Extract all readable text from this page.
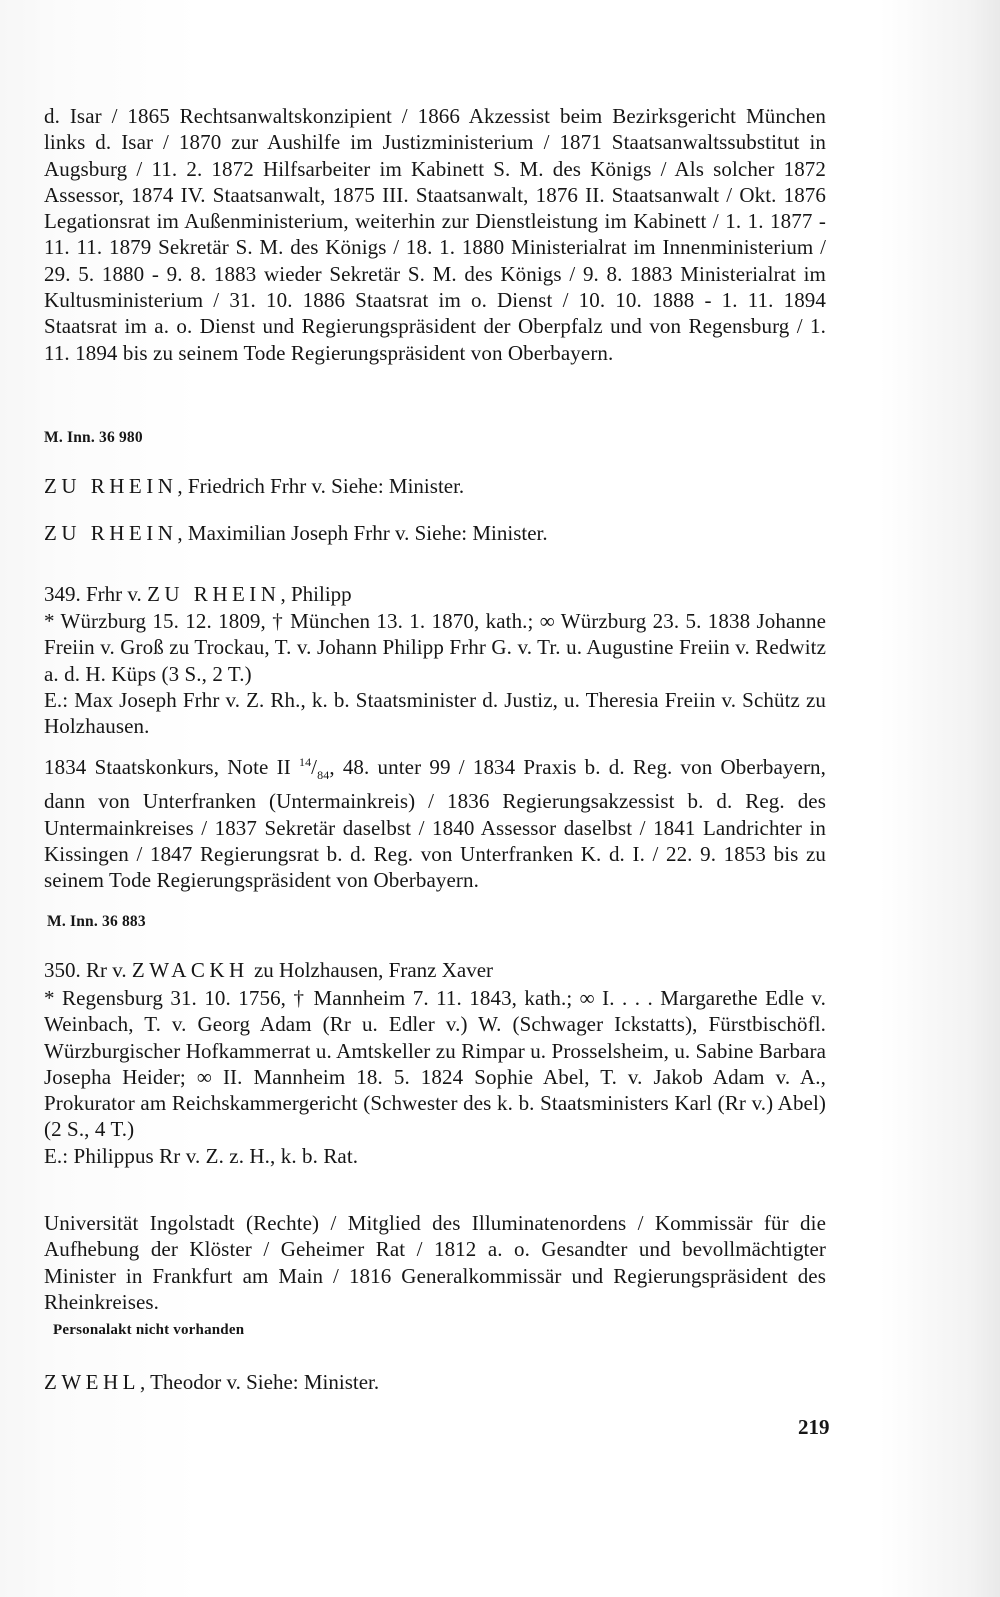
d. Isar / 1865 Rechtsanwaltskonzipient / 1866 Akzessist beim Bezirksgericht München links d. Isar / 1870 zur Aushilfe im Justizministerium / 1871 Staatsanwaltssubstitut in Augsburg / 11. 2. 1872 Hilfsarbeiter im Kabinett S. M. des Königs / Als solcher 1872 Assessor, 1874 IV. Staatsanwalt, 1875 III. Staatsanwalt, 1876 II. Staatsanwalt / Okt. 1876 Legationsrat im Außenministerium, weiterhin zur Dienstleistung im Kabinett / 1. 1. 1877 - 11. 11. 1879 Sekretär S. M. des Königs / 18. 1. 1880 Ministerialrat im Innenministerium / 29. 5. 1880 - 9. 8. 1883 wieder Sekretär S. M. des Königs / 9. 8. 1883 Ministerialrat im Kultusministerium / 31. 10. 1886 Staatsrat im o. Dienst / 10. 10. 1888 - 1. 11. 1894 Staatsrat im a. o. Dienst und Regierungspräsident der Oberpfalz und von Regensburg / 1. 11. 1894 bis zu seinem Tode Regierungspräsident von Oberbayern.

M. Inn. 36 980
ZU RHEIN, Friedrich Frhr v. Siehe: Minister.
ZU RHEIN, Maximilian Joseph Frhr v. Siehe: Minister.
349. Frhr v. ZU RHEIN, Philipp

* Würzburg 15. 12. 1809, † München 13. 1. 1870, kath.; ∞ Würzburg 23. 5. 1838 Johanne Freiin v. Groß zu Trockau, T. v. Johann Philipp Frhr G. v. Tr. u. Augustine Freiin v. Redwitz a. d. H. Küps (3 S., 2 T.)

E.: Max Joseph Frhr v. Z. Rh., k. b. Staatsminister d. Justiz, u. Theresia Freiin v. Schütz zu Holzhausen.

1834 Staatskonkurs, Note II $^{14}/_{84}$, 48. unter 99 / 1834 Praxis b. d. Reg. von Oberbayern, dann von Unterfranken (Untermainkreis) / 1836 Regierungsakzessist b. d. Reg. des Untermainkreises / 1837 Sekretär daselbst / 1840 Assessor daselbst / 1841 Landrichter in Kissingen / 1847 Regierungsrat b. d. Reg. von Unterfranken K. d. I. / 22. 9. 1853 bis zu seinem Tode Regierungspräsident von Oberbayern.

M. Inn. 36 883
350. Rr v. ZWACKH zu Holzhausen, Franz Xaver

* Regensburg 31. 10. 1756, † Mannheim 7. 11. 1843, kath.; ∞ I. . . . Margarethe Edle v. Weinbach, T. v. Georg Adam (Rr u. Edler v.) W. (Schwager Ickstatts), Fürstbischöfl. Würzburgischer Hofkammerrat u. Amtskeller zu Rimpar u. Prosselsheim, u. Sabine Barbara Josepha Heider; ∞ II. Mannheim 18. 5. 1824 Sophie Abel, T. v. Jakob Adam v. A., Prokurator am Reichskammergericht (Schwester des k. b. Staatsministers Karl (Rr v.) Abel) (2 S., 4 T.)

E.: Philippus Rr v. Z. z. H., k. b. Rat.

Universität Ingolstadt (Rechte) / Mitglied des Illuminatenordens / Kommissär für die Aufhebung der Klöster / Geheimer Rat / 1812 a. o. Gesandter und bevollmächtigter Minister in Frankfurt am Main / 1816 Generalkommissär und Regierungspräsident des Rheinkreises.

Personalakt nicht vorhanden
ZWEHL, Theodor v. Siehe: Minister.
219
